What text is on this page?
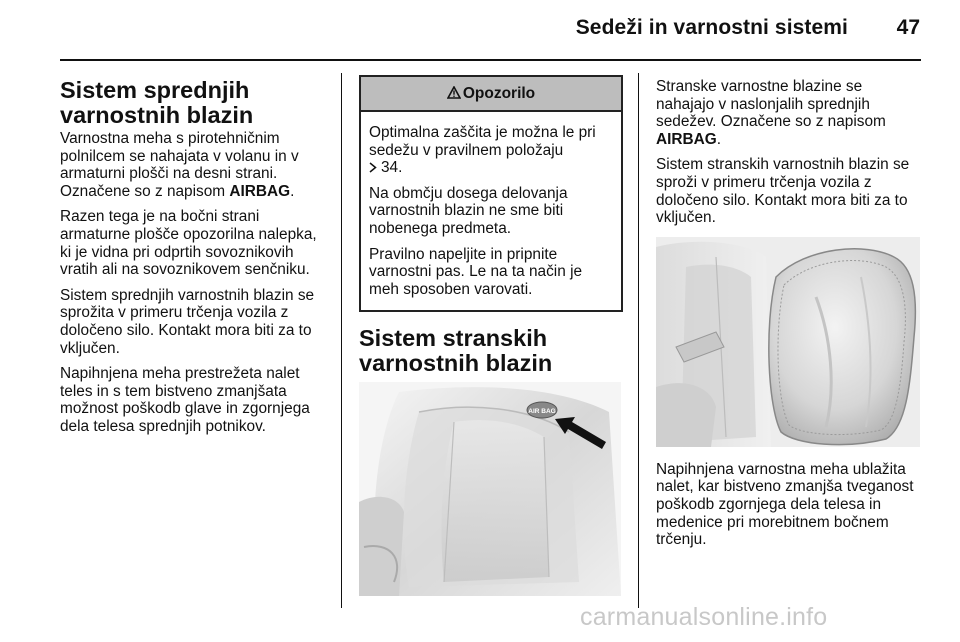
Sedeži in varnostni sistemi	47
Sistem sprednjih varnostnih blazin

Varnostna meha s pirotehničnim polnilcem se nahajata v volanu in v armaturni plošči na desni strani. Označene so z napisom AIRBAG.

Razen tega je na bočni strani armaturne plošče opozorilna nalepka, ki je vidna pri odprtih sovoznikovih vratih ali na sovoznikovem senčniku.

Sistem sprednjih varnostnih blazin se sprožita v primeru trčenja vozila z določeno silo. Kontakt mora biti za to vključen.

Napihnjena meha prestrežeta nalet teles in s tem bistveno zmanjšata možnost poškodb glave in zgornjega dela telesa sprednjih potnikov.

Opozorilo

Optimalna zaščita je možna le pri sedežu v pravilnem položaju
34.

Na obmčju dosega delovanja varnostnih blazin ne sme biti nobenega predmeta.

Pravilno napeljite in pripnite varnostni pas. Le na ta način je meh sposoben varovati.

Sistem stranskih varnostnih blazin
AIR BAG

Stranske varnostne blazine se nahajajo v naslonjalih sprednjih sedežev. Označene so z napisom AIRBAG.

Sistem stranskih varnostnih blazin se sproži v primeru trčenja vozila z določeno silo. Kontakt mora biti za to vključen.

Napihnjena varnostna meha ublažita nalet, kar bistveno zmanjša tveganost poškodb zgornjega dela telesa in medenice pri morebitnem bočnem trčenju.

carmanualsonline.info
